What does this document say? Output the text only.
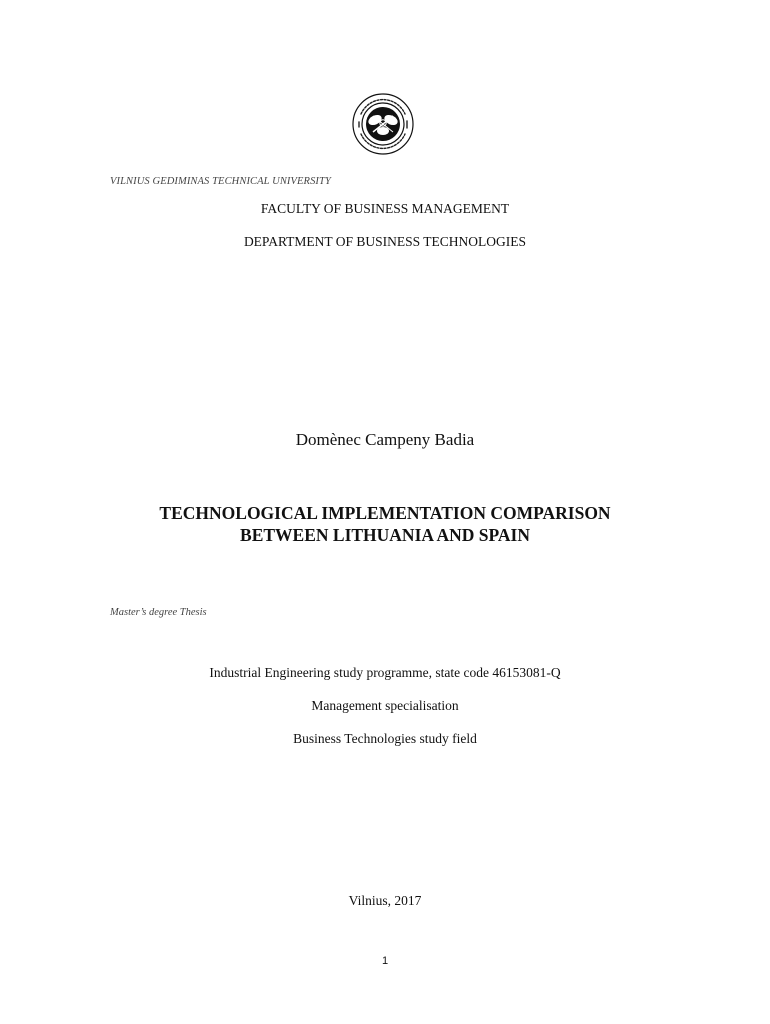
VILNIUS GEDIMINAS TECHNICAL UNIVERSITY
FACULTY OF BUSINESS MANAGEMENT
DEPARTMENT OF BUSINESS TECHNOLOGIES
Domènec Campeny Badia
TECHNOLOGICAL IMPLEMENTATION COMPARISON
BETWEEN LITHUANIA AND SPAIN
Master’s degree Thesis
Industrial Engineering study programme, state code 46153081-Q
Management specialisation
Business Technologies study field
Vilnius, 2017
1
